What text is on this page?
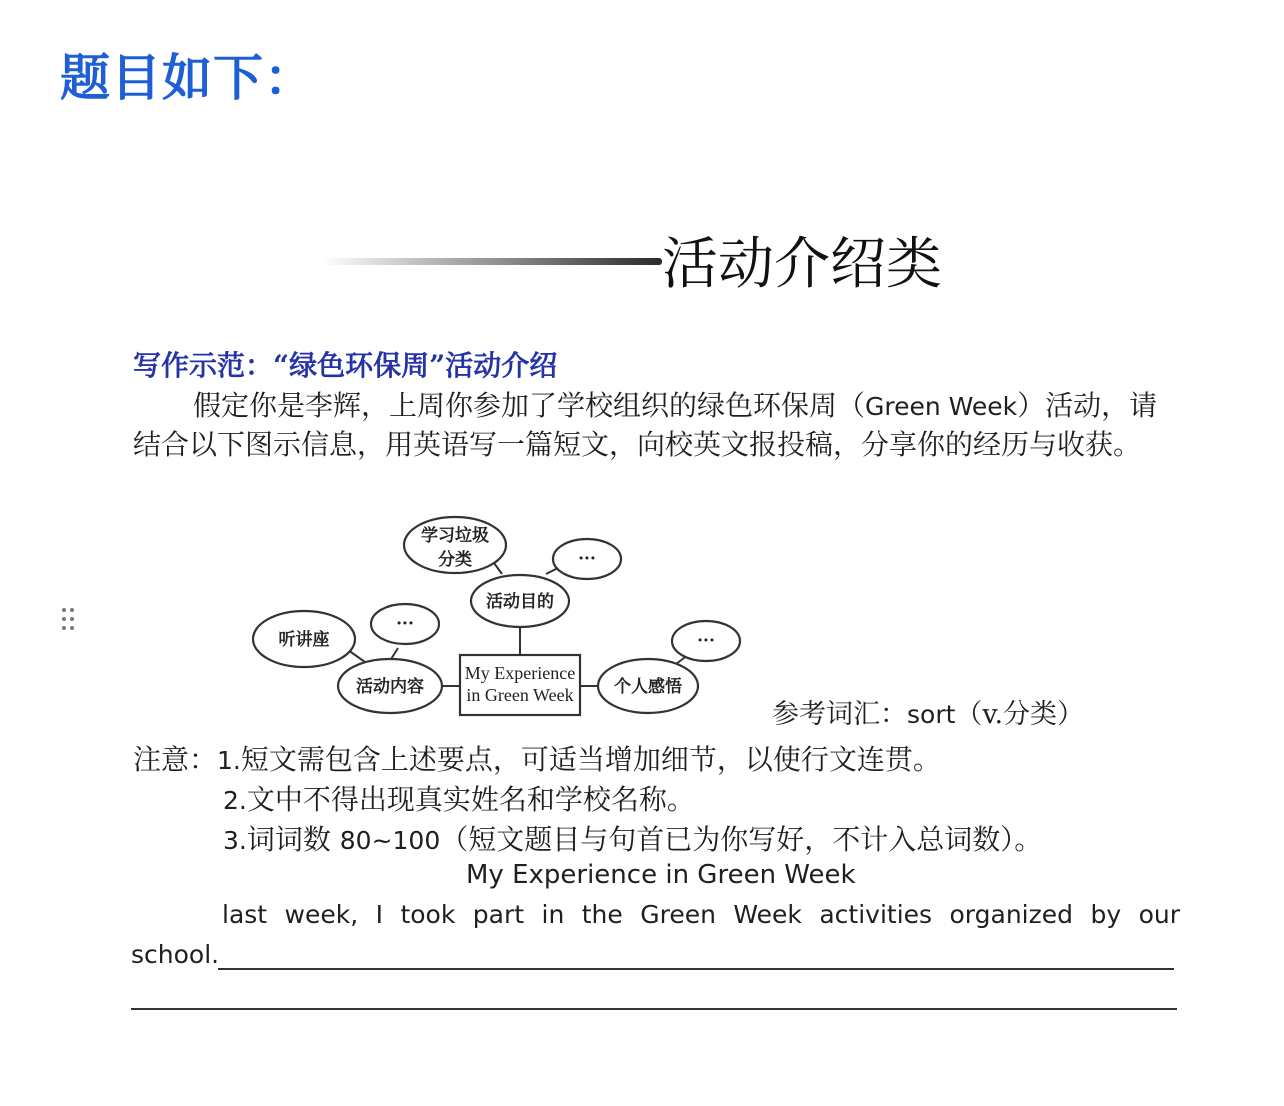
题目如下：
活动介绍类
写作示范：“绿色环保周”活动介绍
假定你是李辉，上周你参加了学校组织的绿色环保周（Green Week）活动，请结合以下图示信息，用英语写一篇短文，向校英文报投稿，分享你的经历与收获。
学习垃圾
分类	···
活动目的
···
听讲座
活动内容
My Experience
in Green Week 个人感悟
···
参考词汇：sort（v.分类）
注意：1.短文需包含上述要点，可适当增加细节，以使行文连贯。
2.文中不得出现真实姓名和学校名称。
3.词词数 80~100（短文题目与句首已为你写好，不计入总词数）。
My Experience in Green Week
last week, I took part in the Green Week activities organized by our
school.
